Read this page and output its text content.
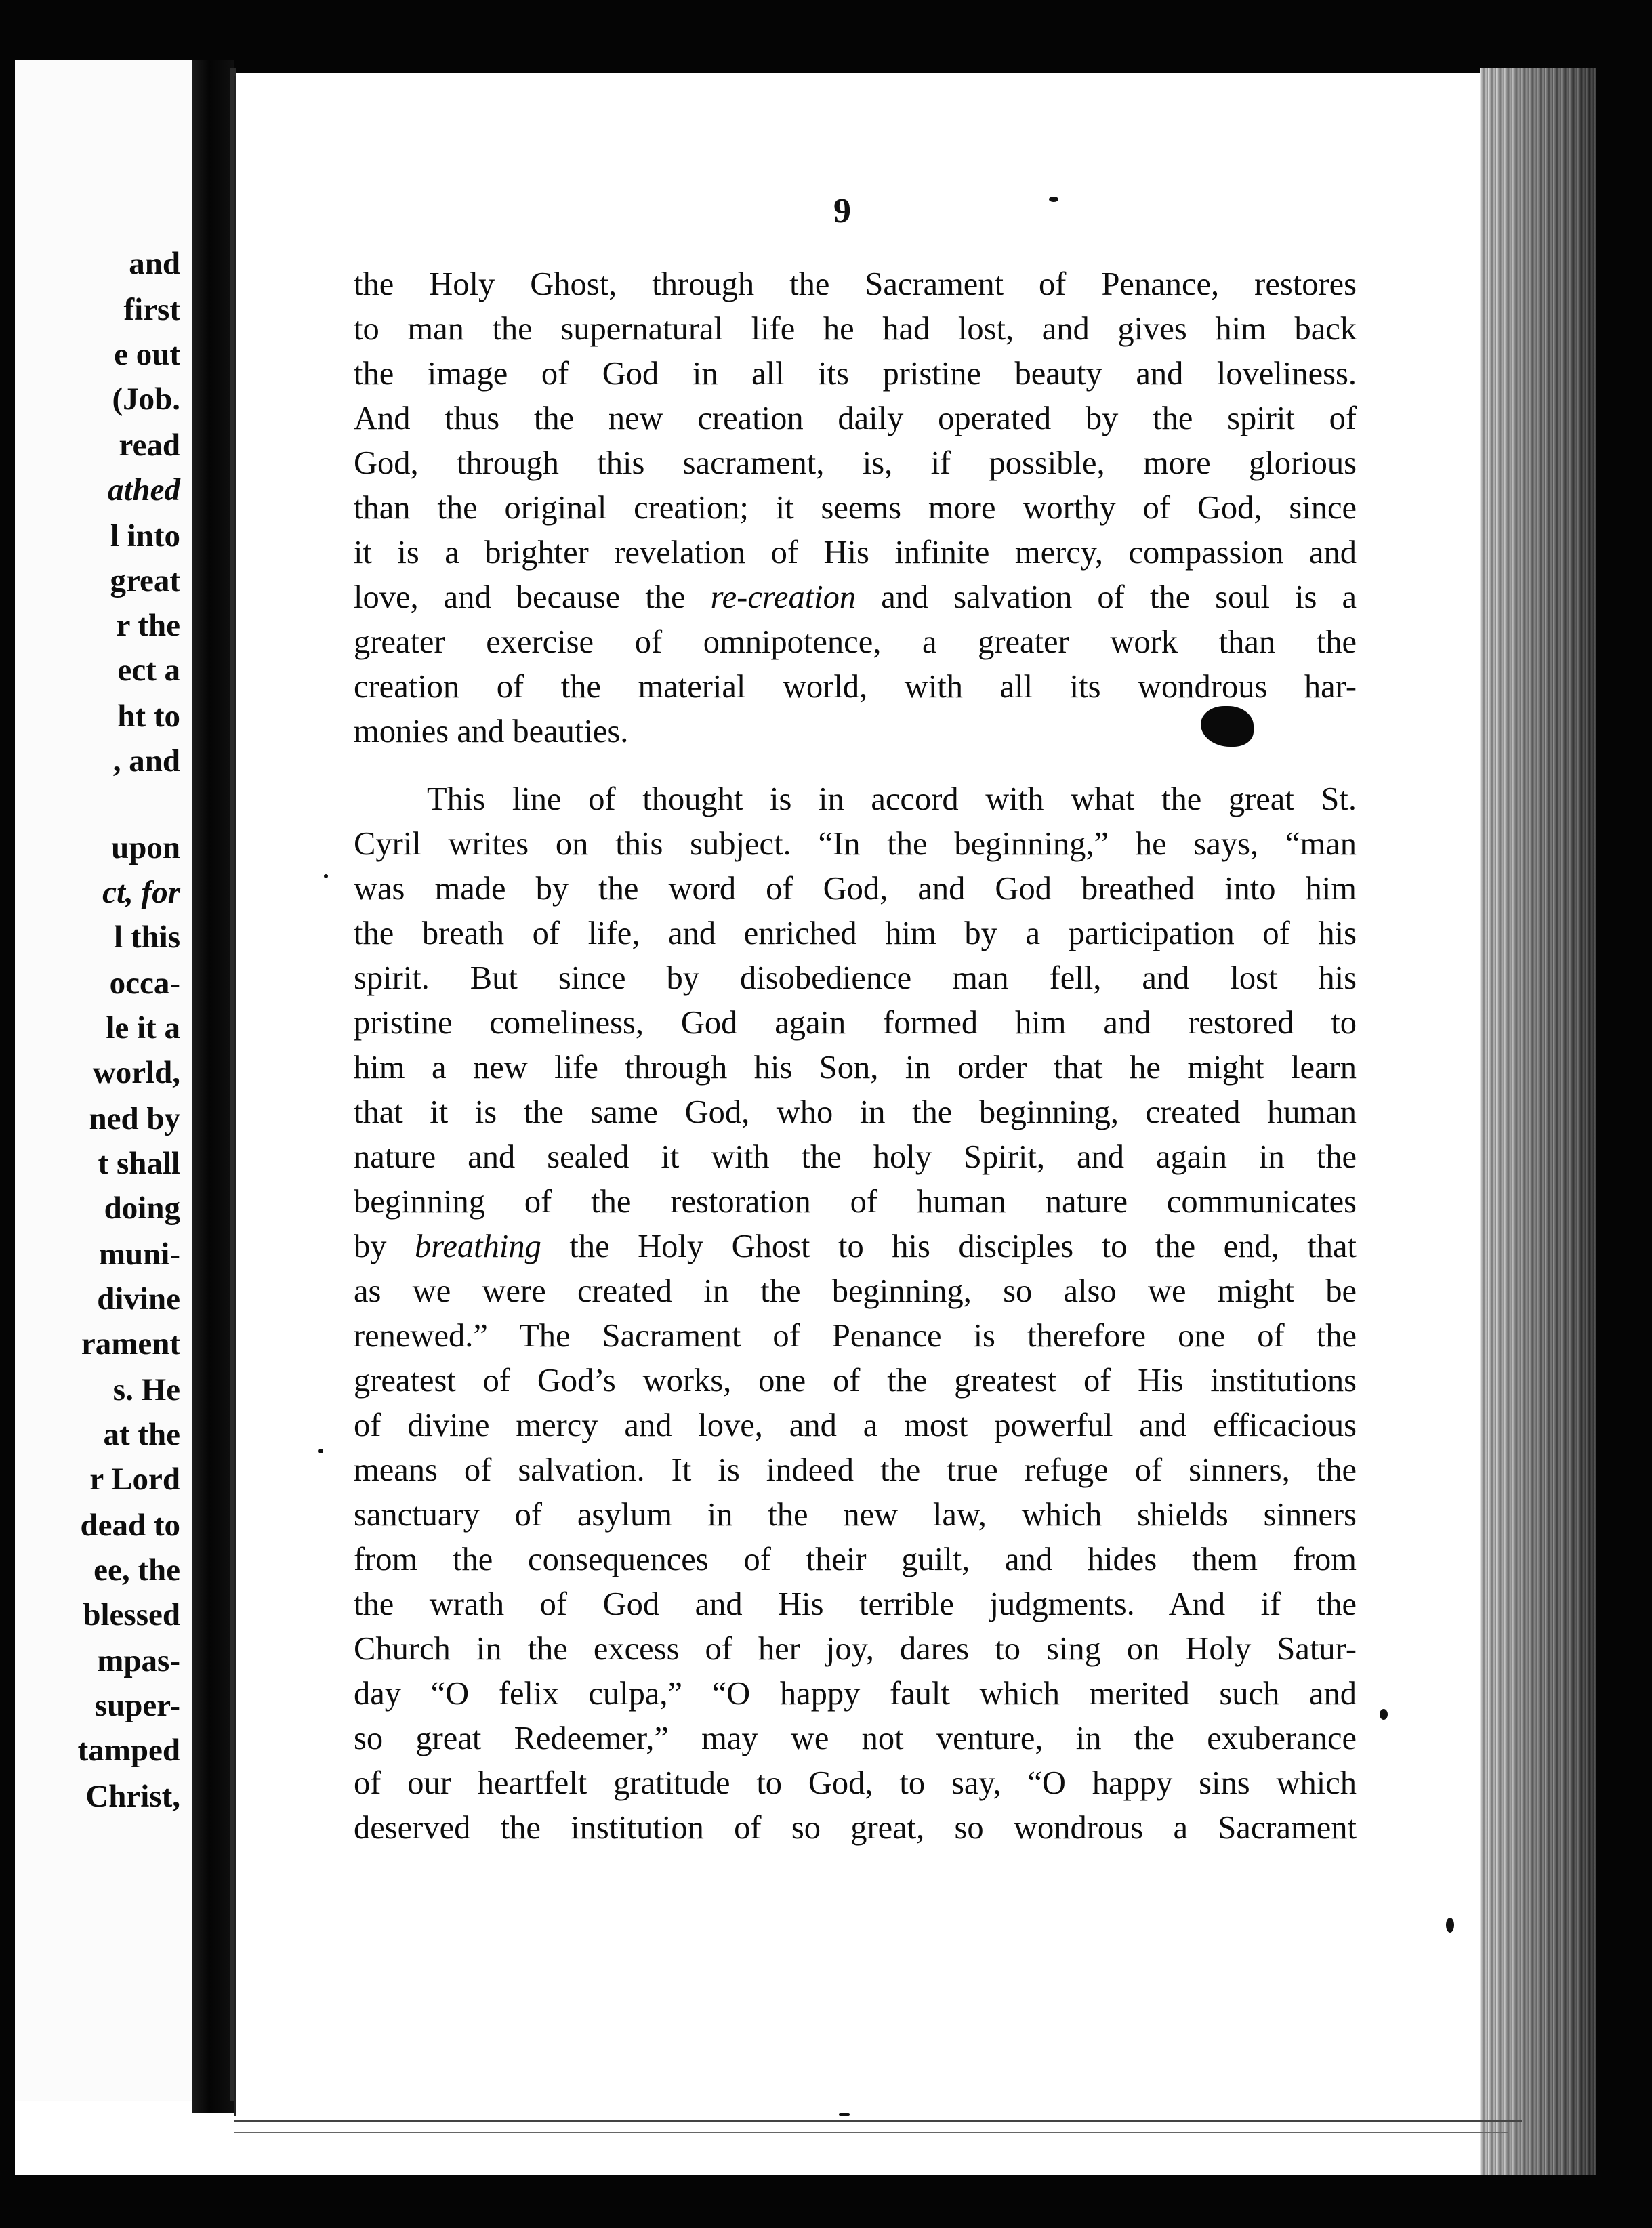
and
first
e out
(Job.
read
athed
l into
great
r the
ect a
ht to
, and
upon
ct, for
l this
occa-
le it a
world,
ned by
t shall
doing
muni-
divine
rament
s. He
at the
r Lord
dead to
ee, the
blessed
mpas-
super-
tamped
Christ,
9
the Holy Ghost, through the Sacrament of Penance, restores
to man the supernatural life he had lost, and gives him back
the image of God in all its pristine beauty and loveliness.
And thus the new creation daily operated by the spirit of
God, through this sacrament, is, if possible, more glorious
than the original creation; it seems more worthy of God, since
it is a brighter revelation of His infinite mercy, compassion and
love, and because the re-creation and salvation of the soul is a
greater exercise of omnipotence, a greater work than the
creation of the material world, with all its wondrous har-
monies and beauties.
This line of thought is in accord with what the great St.
Cyril writes on this subject. “In the beginning,” he says, “man
was made by the word of God, and God breathed into him
the breath of life, and enriched him by a participation of his
spirit. But since by disobedience man fell, and lost his
pristine comeliness, God again formed him and restored to
him a new life through his Son, in order that he might learn
that it is the same God, who in the beginning, created human
nature and sealed it with the holy Spirit, and again in the
beginning of the restoration of human nature communicates
by breathing the Holy Ghost to his disciples to the end, that
as we were created in the beginning, so also we might be
renewed.” The Sacrament of Penance is therefore one of the
greatest of God’s works, one of the greatest of His institutions
of divine mercy and love, and a most powerful and efficacious
means of salvation. It is indeed the true refuge of sinners, the
sanctuary of asylum in the new law, which shields sinners
from the consequences of their guilt, and hides them from
the wrath of God and His terrible judgments. And if the
Church in the excess of her joy, dares to sing on Holy Satur-
day “O felix culpa,” “O happy fault which merited such and
so great Redeemer,” may we not venture, in the exuberance
of our heartfelt gratitude to God, to say, “O happy sins which
deserved the institution of so great, so wondrous a Sacrament
